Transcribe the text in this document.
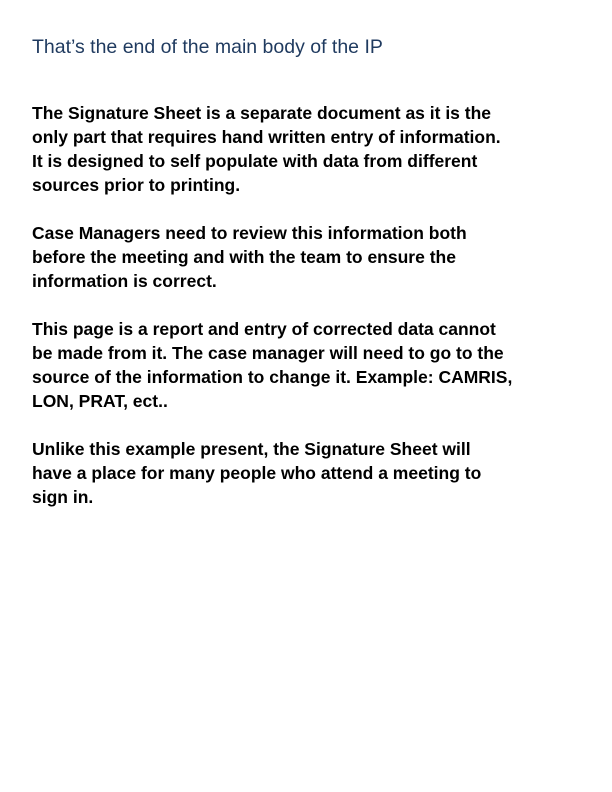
That’s the end of the main body of the IP

The Signature Sheet is a separate document as it is the
only part that requires hand written entry of information.
It is designed to self populate with data from different
sources prior to printing.

Case Managers need to review this information both
before the meeting and with the team to ensure the
information is correct.

This page is a report and entry of corrected data cannot
be made from it. The case manager will need to go to the
source of the information to change it. Example: CAMRIS,
LON, PRAT, ect..

Unlike this example present, the Signature Sheet will
have a place for many people who attend a meeting to
sign in.
